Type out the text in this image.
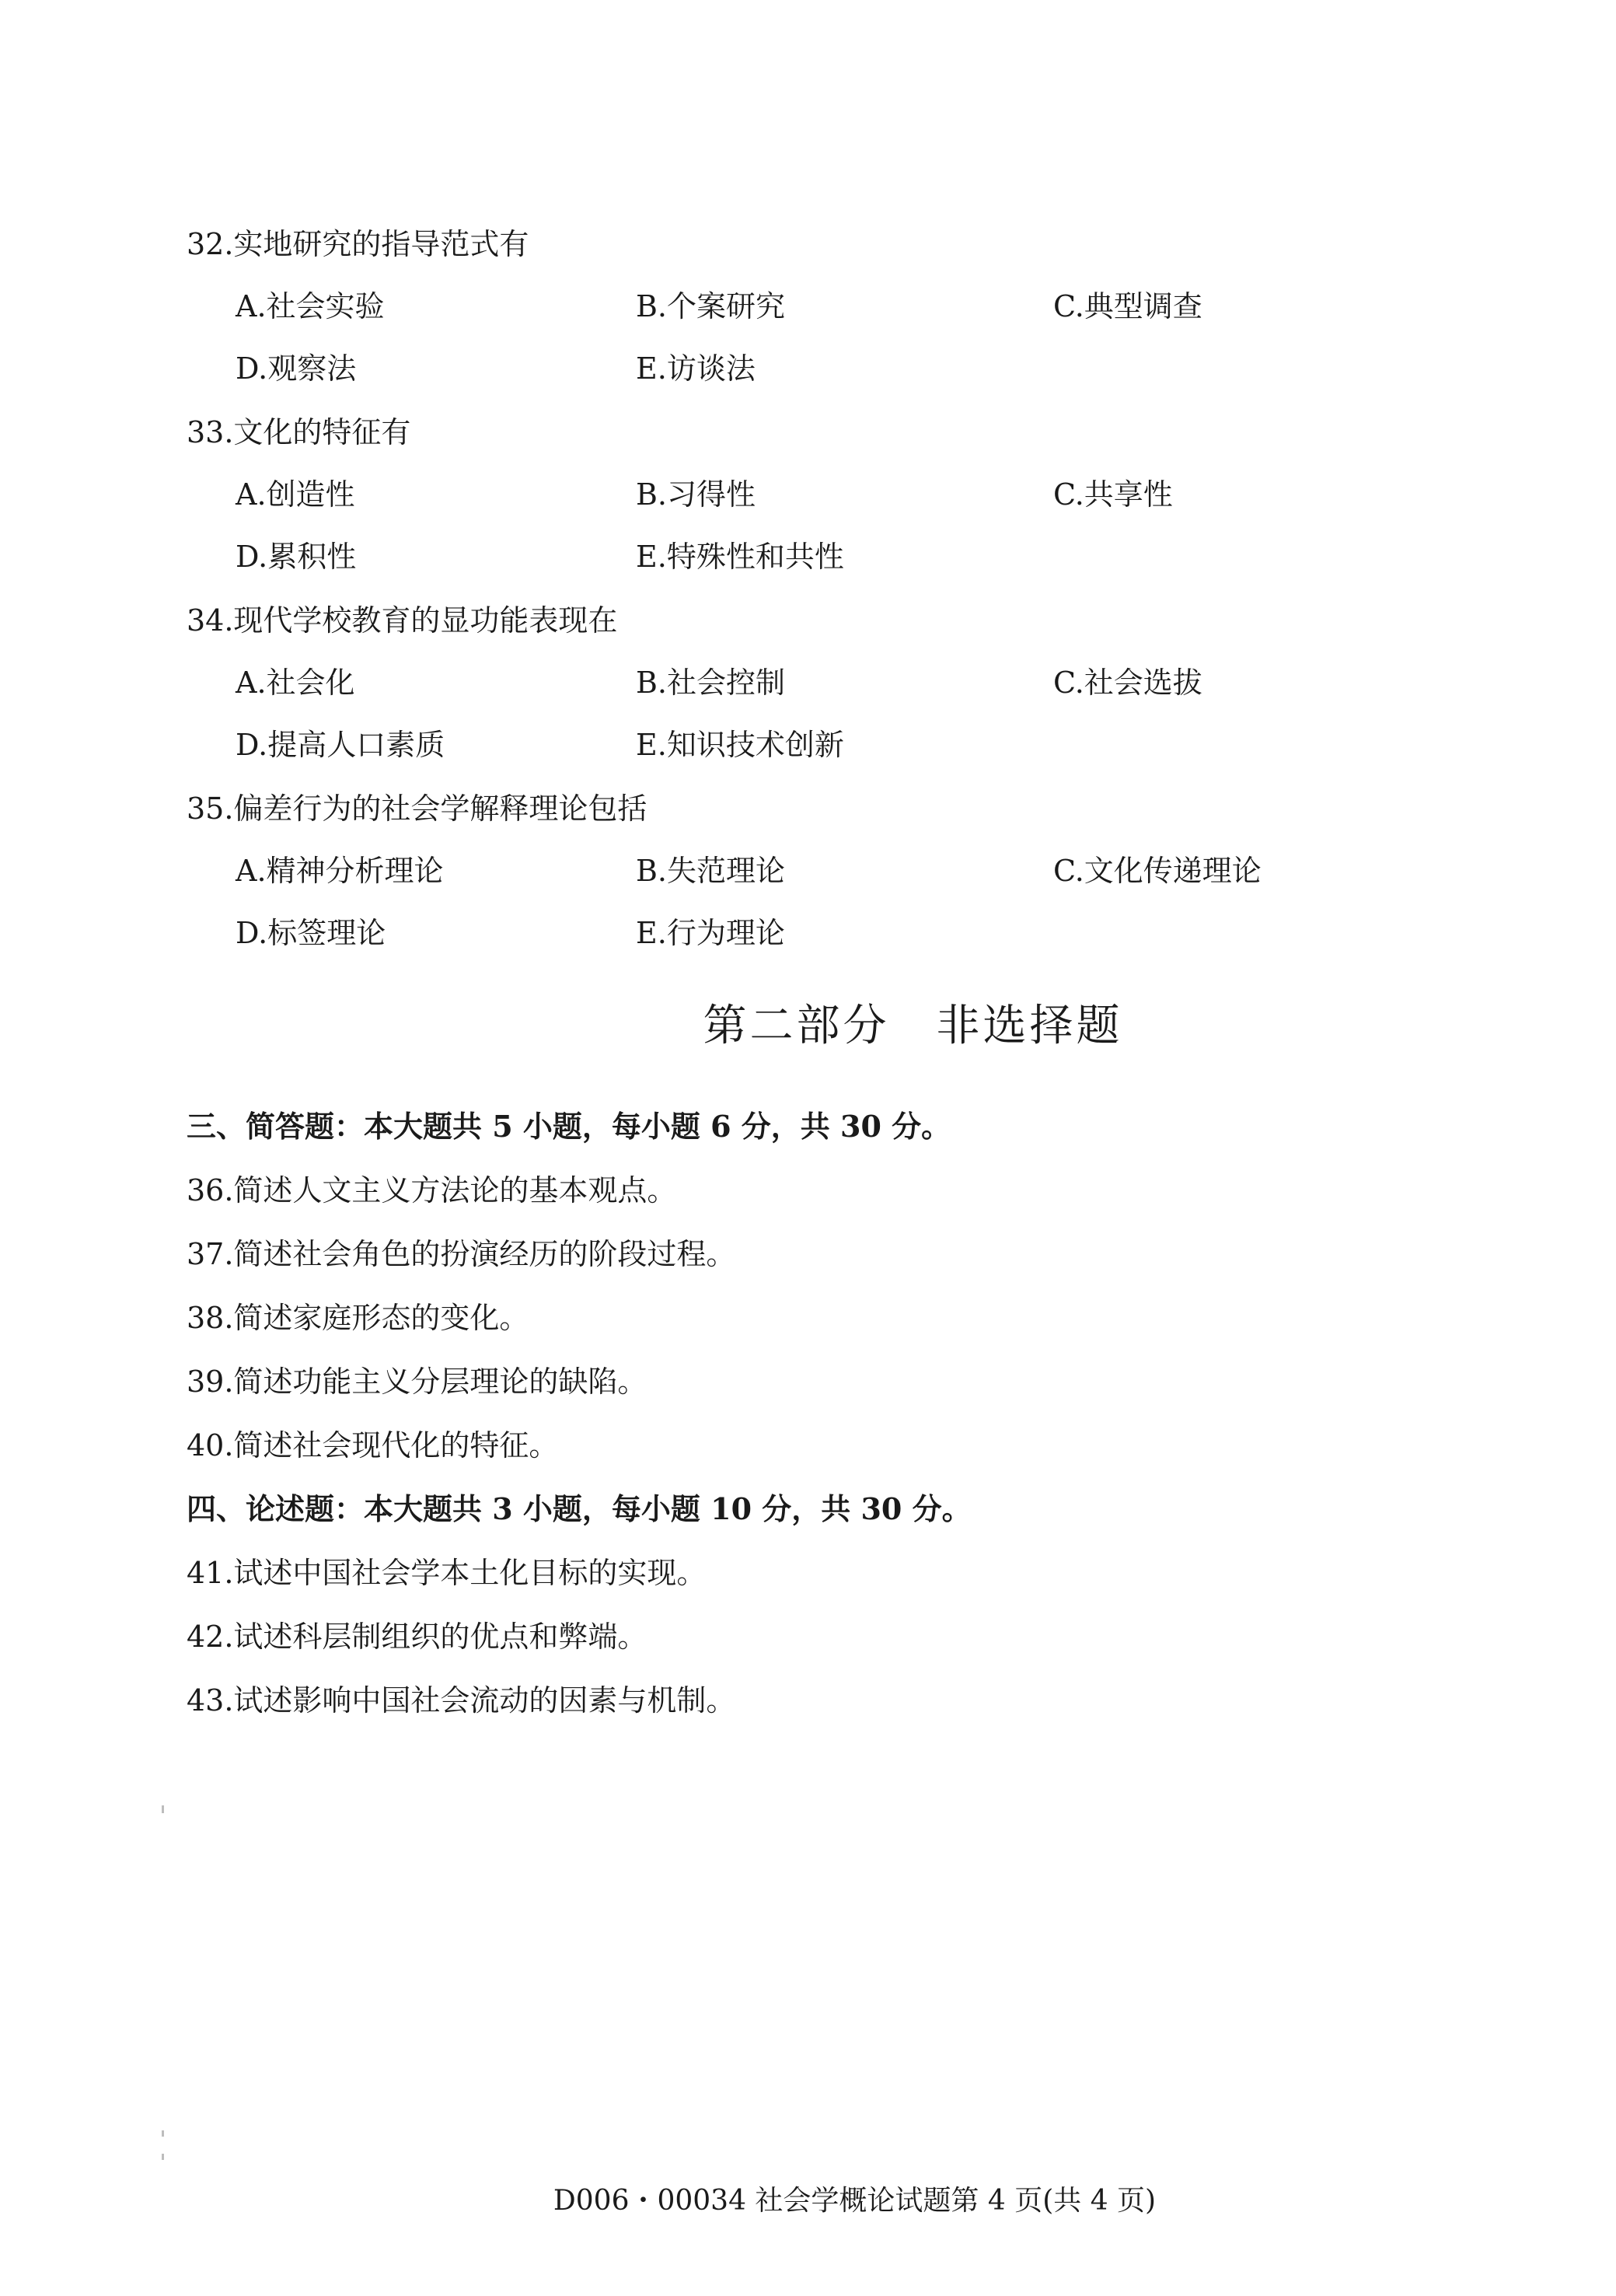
32.实地研究的指导范式有
A.社会实验	B.个案研究	C.典型调查
D.观察法	E.访谈法
33.文化的特征有
A.创造性	B.习得性	C.共享性
D.累积性	E.特殊性和共性
34.现代学校教育的显功能表现在
A.社会化	B.社会控制	C.社会选拔
D.提高人口素质	E.知识技术创新
35.偏差行为的社会学解释理论包括
A.精神分析理论	B.失范理论	C.文化传递理论
D.标签理论	E.行为理论
第二部分 非选择题
三、简答题：本大题共 5 小题，每小题 6 分，共 30 分。
36.简述人文主义方法论的基本观点。
37.简述社会角色的扮演经历的阶段过程。
38.简述家庭形态的变化。
39.简述功能主义分层理论的缺陷。
40.简述社会现代化的特征。
四、论述题：本大题共 3 小题，每小题 10 分，共 30 分。
41.试述中国社会学本土化目标的实现。
42.试述科层制组织的优点和弊端。
43.试述影响中国社会流动的因素与机制。
D006・00034 社会学概论试题第 4 页(共 4 页)
